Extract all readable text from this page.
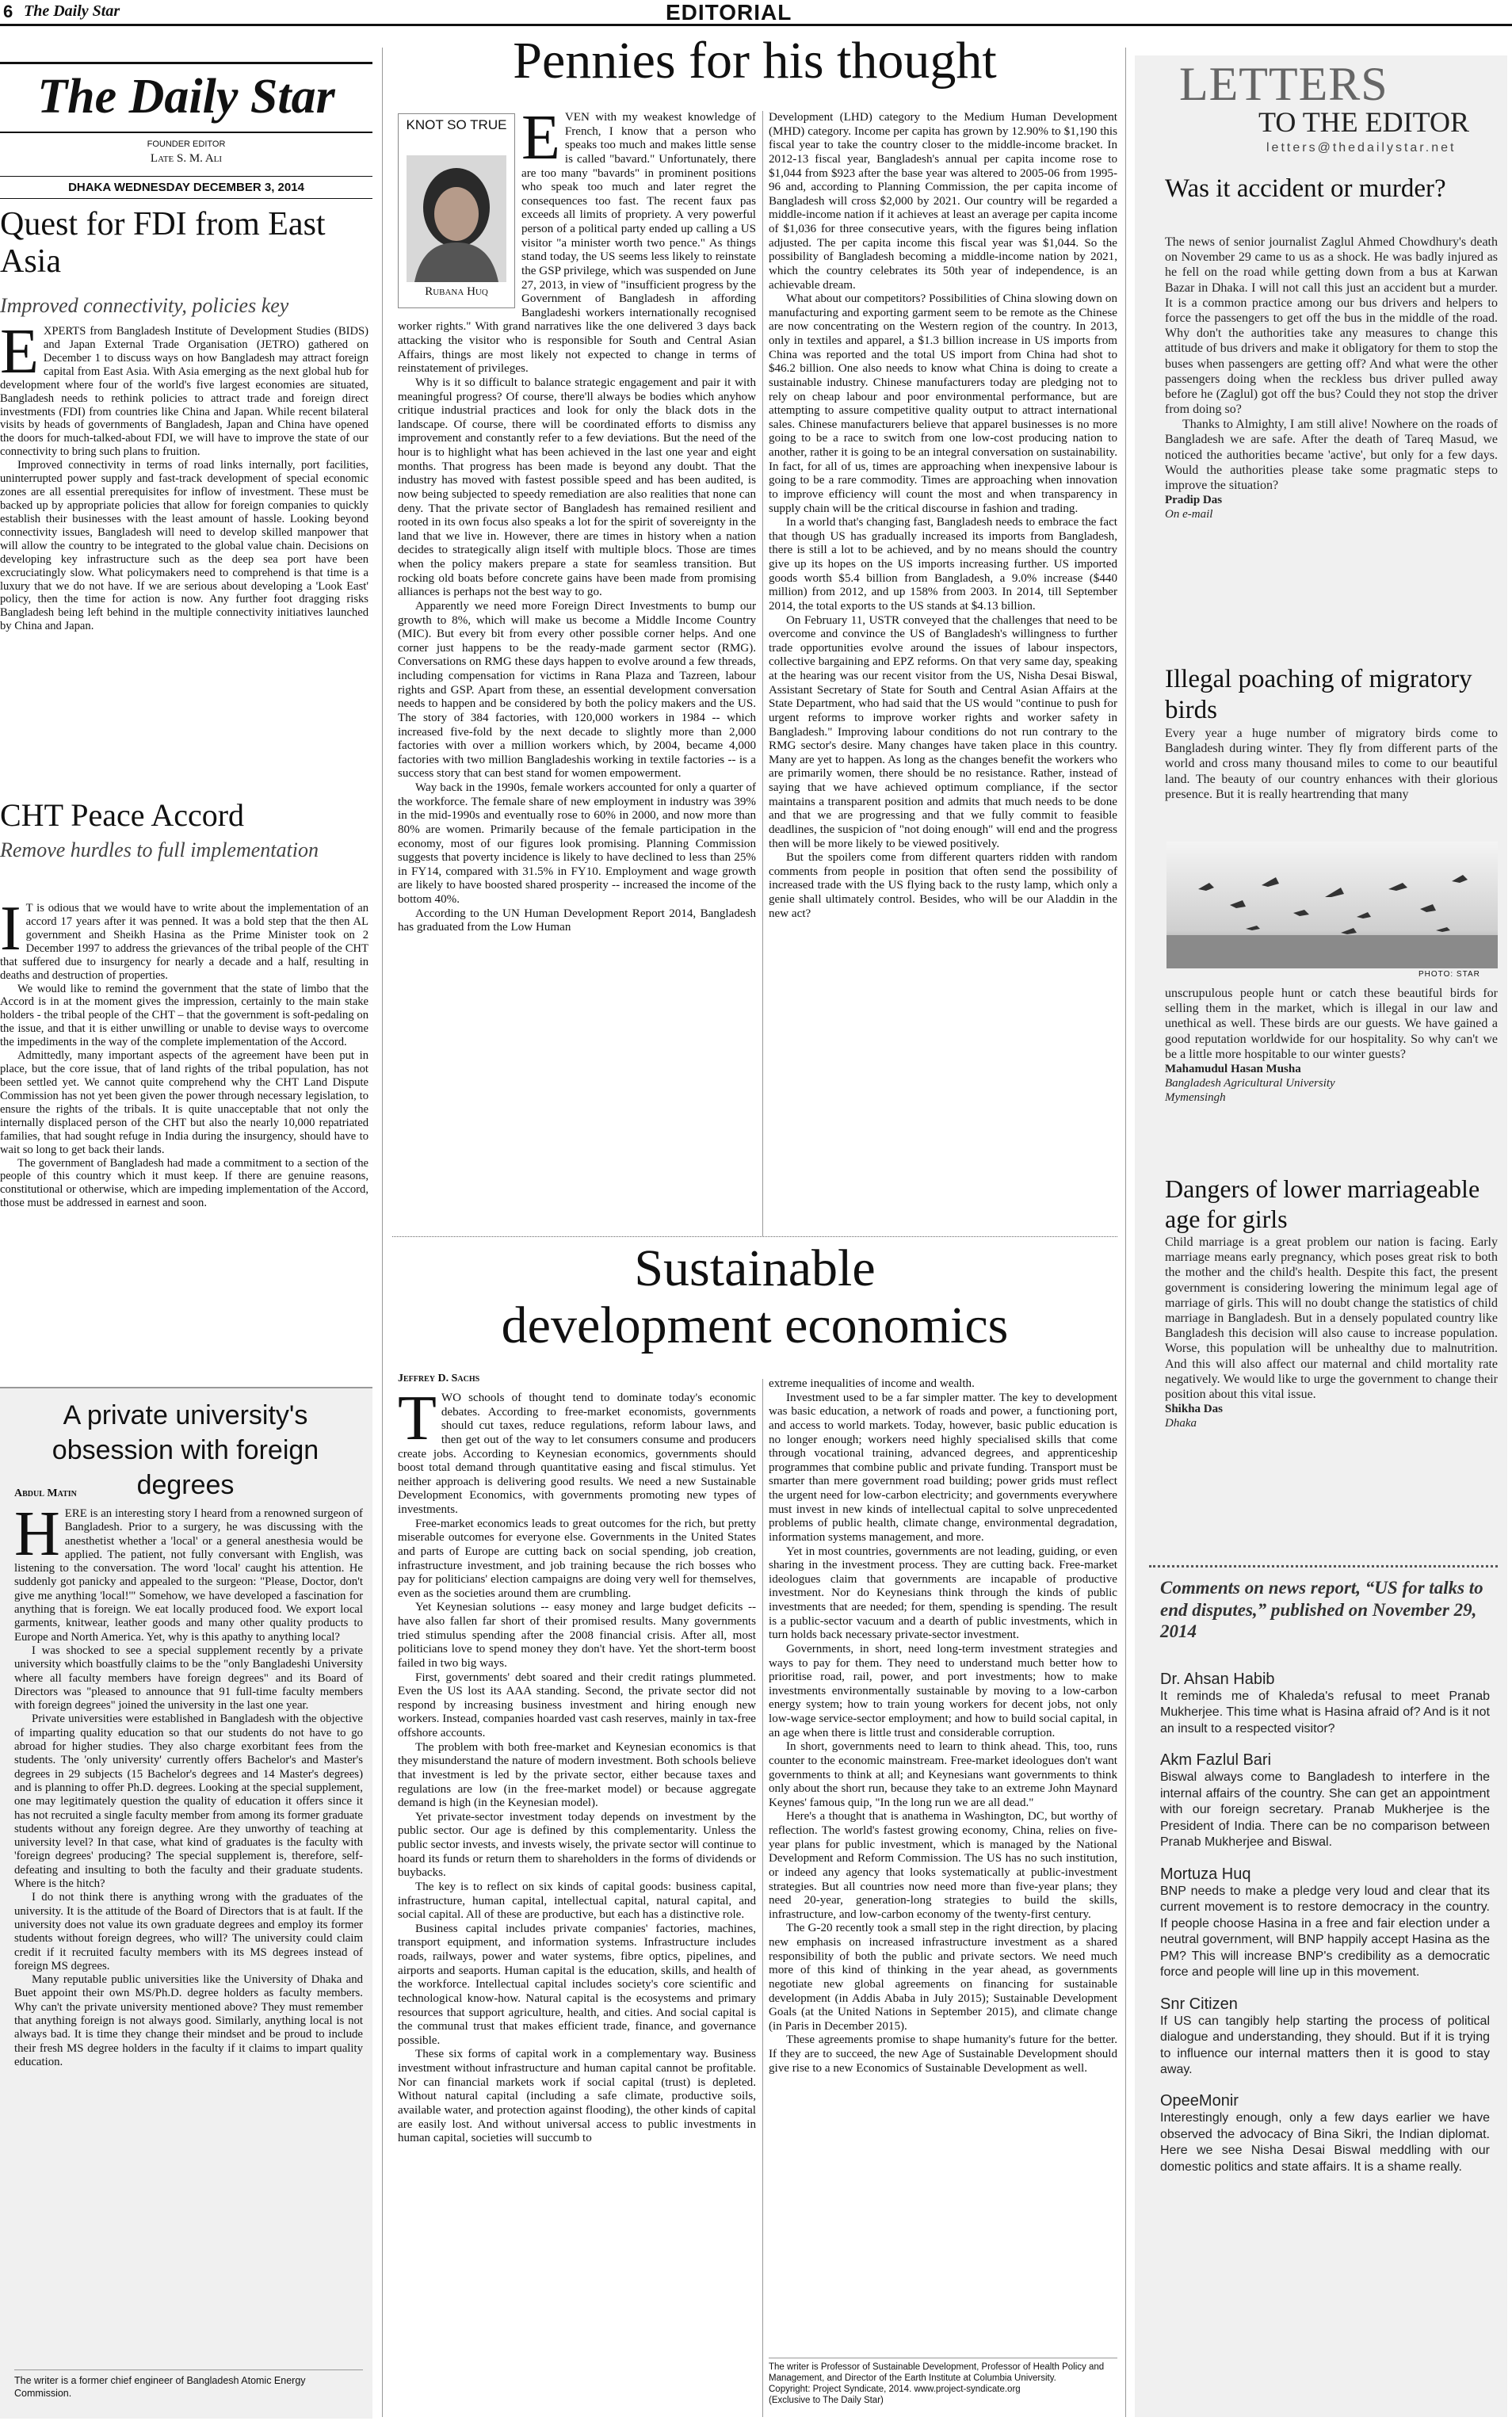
6 The Daily Star	EDITORIAL
The Daily Star
FOUNDER EDITOR
Late S. M. Ali
DHAKA WEDNESDAY DECEMBER 3, 2014
Quest for FDI from East Asia
Improved connectivity, policies key
E XPERTS from Bangladesh Institute of Development Studies (BIDS) and Japan External Trade Organisation (JETRO) gathered on December 1 to discuss ways on how Bangladesh may attract foreign capital from East Asia. With Asia emerging as the next global hub for development where four of the world's five largest economies are situated, Bangladesh needs to rethink policies to attract trade and foreign direct investments (FDI) from countries like China and Japan. While recent bilateral visits by heads of governments of Bangladesh, Japan and China have opened the doors for much-talked-about FDI, we will have to improve the state of our connectivity to bring such plans to fruition.

Improved connectivity in terms of road links internally, port facilities, uninterrupted power supply and fast-track development of special economic zones are all essential prerequisites for inflow of investment. These must be backed up by appropriate policies that allow for foreign companies to quickly establish their businesses with the least amount of hassle. Looking beyond connectivity issues, Bangladesh will need to develop skilled manpower that will allow the country to be integrated to the global value chain. Decisions on developing key infrastructure such as the deep sea port have been excruciatingly slow. What policymakers need to comprehend is that time is a luxury that we do not have. If we are serious about developing a 'Look East' policy, then the time for action is now. Any further foot dragging risks Bangladesh being left behind in the multiple connectivity initiatives launched by China and Japan.

CHT Peace Accord
Remove hurdles to full implementation
I T is odious that we would have to write about the implementation of an accord 17 years after it was penned. It was a bold step that the then AL government and Sheikh Hasina as the Prime Minister took on 2 December 1997 to address the grievances of the tribal people of the CHT that suffered due to insurgency for nearly a decade and a half, resulting in deaths and destruction of properties.

We would like to remind the government that the state of limbo that the Accord is in at the moment gives the impression, certainly to the main stake holders - the tribal people of the CHT – that the government is soft-pedaling on the issue, and that it is either unwilling or unable to devise ways to overcome the impediments in the way of the complete implementation of the Accord.

Admittedly, many important aspects of the agreement have been put in place, but the core issue, that of land rights of the tribal population, has not been settled yet. We cannot quite comprehend why the CHT Land Dispute Commission has not yet been given the power through necessary legislation, to ensure the rights of the tribals. It is quite unacceptable that not only the internally displaced person of the CHT but also the nearly 10,000 repatriated families, that had sought refuge in India during the insurgency, should have to wait so long to get back their lands.

The government of Bangladesh had made a commitment to a section of the people of this country which it must keep. If there are genuine reasons, constitutional or otherwise, which are impeding implementation of the Accord, those must be addressed in earnest and soon.

A private university's obsession with foreign degrees
Abdul Matin
H ERE is an interesting story I heard from a renowned surgeon of Bangladesh. Prior to a surgery, he was discussing with the anesthetist whether a 'local' or a general anesthesia would be applied. The patient, not fully conversant with English, was listening to the conversation. The word 'local' caught his attention. He suddenly got panicky and appealed to the surgeon: "Please, Doctor, don't give me anything 'local!'" Somehow, we have developed a fascination for anything that is foreign. We eat locally produced food. We export local garments, knitwear, leather goods and many other quality products to Europe and North America. Yet, why is this apathy to anything local?

I was shocked to see a special supplement recently by a private university which boastfully claims to be the "only Bangladeshi University where all faculty members have foreign degrees" and its Board of Directors was "pleased to announce that 91 full-time faculty members with foreign degrees" joined the university in the last one year.

Private universities were established in Bangladesh with the objective of imparting quality education so that our students do not have to go abroad for higher studies. They also charge exorbitant fees from the students. The 'only university' currently offers Bachelor's and Master's degrees in 29 subjects (15 Bachelor's degrees and 14 Master's degrees) and is planning to offer Ph.D. degrees. Looking at the special supplement, one may legitimately question the quality of education it offers since it has not recruited a single faculty member from among its former graduate students without any foreign degree. Are they unworthy of teaching at university level? In that case, what kind of graduates is the faculty with 'foreign degrees' producing? The special supplement is, therefore, self-defeating and insulting to both the faculty and their graduate students. Where is the hitch?

I do not think there is anything wrong with the graduates of the university. It is the attitude of the Board of Directors that is at fault. If the university does not value its own graduate degrees and employ its former students without foreign degrees, who will? The university could claim credit if it recruited faculty members with its MS degrees instead of foreign MS degrees.

Many reputable public universities like the University of Dhaka and Buet appoint their own MS/Ph.D. degree holders as faculty members. Why can't the private university mentioned above? They must remember that anything foreign is not always good. Similarly, anything local is not always bad. It is time they change their mindset and be proud to include their fresh MS degree holders in the faculty if it claims to impart quality education.

The writer is a former chief engineer of Bangladesh Atomic Energy Commission.
Pennies for his thought
KNOT SO TRUE
Rubana Huq
E VEN with my weakest knowledge of French, I know that a person who speaks too much and makes little sense is called "bavard." Unfortunately, there are too many "bavards" in prominent positions who speak too much and later regret the consequences too fast. The recent faux pas exceeds all limits of propriety. A very powerful person of a political party ended up calling a US visitor "a minister worth two pence." As things stand today, the US seems less likely to reinstate the GSP privilege, which was suspended on June 27, 2013, in view of "insufficient progress by the Government of Bangladesh in affording Bangladeshi workers internationally recognised worker rights." With grand narratives like the one delivered 3 days back attacking the visitor who is responsible for South and Central Asian Affairs, things are most likely not expected to change in terms of reinstatement of privileges.

Why is it so difficult to balance strategic engagement and pair it with meaningful progress? Of course, there'll always be bodies which anyhow critique industrial practices and look for only the black dots in the landscape. Of course, there will be coordinated efforts to dismiss any improvement and constantly refer to a few deviations. But the need of the hour is to highlight what has been achieved in the last one year and eight months. That progress has been made is beyond any doubt. That the industry has moved with fastest possible speed and has been audited, is now being subjected to speedy remediation are also realities that none can deny. That the private sector of Bangladesh has remained resilient and rooted in its own focus also speaks a lot for the spirit of sovereignty in the land that we live in. However, there are times in history when a nation decides to strategically align itself with multiple blocs. Those are times when the policy makers prepare a state for seamless transition. But rocking old boats before concrete gains have been made from promising alliances is perhaps not the best way to go.

Apparently we need more Foreign Direct Investments to bump our growth to 8%, which will make us become a Middle Income Country (MIC). But every bit from every other possible corner helps. And one corner just happens to be the ready-made garment sector (RMG). Conversations on RMG these days happen to evolve around a few threads, including compensation for victims in Rana Plaza and Tazreen, labour rights and GSP. Apart from these, an essential development conversation needs to happen and be considered by both the policy makers and the US. The story of 384 factories, with 120,000 workers in 1984 -- which increased five-fold by the next decade to slightly more than 2,000 factories with over a million workers which, by 2004, became 4,000 factories with two million Bangladeshis working in textile factories -- is a success story that can best stand for women empowerment.

Way back in the 1990s, female workers accounted for only a quarter of the workforce. The female share of new employment in industry was 39% in the mid-1990s and eventually rose to 60% in 2000, and now more than 80% are women. Primarily because of the female participation in the economy, most of our figures look promising. Planning Commission suggests that poverty incidence is likely to have declined to less than 25% in FY14, compared with 31.5% in FY10. Employment and wage growth are likely to have boosted shared prosperity -- increased the income of the bottom 40%.

According to the UN Human Development Report 2014, Bangladesh has graduated from the Low Human

Development (LHD) category to the Medium Human Development (MHD) category. Income per capita has grown by 12.90% to $1,190 this fiscal year to take the country closer to the middle-income bracket. In 2012-13 fiscal year, Bangladesh's annual per capita income rose to $1,044 from $923 after the base year was altered to 2005-06 from 1995-96 and, according to Planning Commission, the per capita income of Bangladesh will cross $2,000 by 2021. Our country will be regarded a middle-income nation if it achieves at least an average per capita income of $1,036 for three consecutive years, with the figures being inflation adjusted. The per capita income this fiscal year was $1,044. So the possibility of Bangladesh becoming a middle-income nation by 2021, which the country celebrates its 50th year of independence, is an achievable dream.

What about our competitors? Possibilities of China slowing down on manufacturing and exporting garment seem to be remote as the Chinese are now concentrating on the Western region of the country. In 2013, only in textiles and apparel, a $1.3 billion increase in US imports from China was reported and the total US import from China had shot to $46.2 billion. One also needs to know what China is doing to create a sustainable industry. Chinese manufacturers today are pledging not to rely on cheap labour and poor environmental performance, but are attempting to assure competitive quality output to attract international sales. Chinese manufacturers believe that apparel businesses is no more going to be a race to switch from one low-cost producing nation to another, rather it is going to be an integral conversation on sustainability. In fact, for all of us, times are approaching when inexpensive labour is going to be a rare commodity. Times are approaching when innovation to improve efficiency will count the most and when transparency in supply chain will be the critical discourse in fashion and trading.

In a world that's changing fast, Bangladesh needs to embrace the fact that though US has gradually increased its imports from Bangladesh, there is still a lot to be achieved, and by no means should the country give up its hopes on the US imports increasing further. US imported goods worth $5.4 billion from Bangladesh, a 9.0% increase ($440 million) from 2012, and up 158% from 2003. In 2014, till September 2014, the total exports to the US stands at $4.13 billion.

On February 11, USTR conveyed that the challenges that need to be overcome and convince the US of Bangladesh's willingness to further trade opportunities evolve around the issues of labour inspectors, collective bargaining and EPZ reforms. On that very same day, speaking at the hearing was our recent visitor from the US, Nisha Desai Biswal, Assistant Secretary of State for South and Central Asian Affairs at the State Department, who had said that the US would "continue to push for urgent reforms to improve worker rights and worker safety in Bangladesh." Improving labour conditions do not run contrary to the RMG sector's desire. Many changes have taken place in this country. Many are yet to happen. As long as the changes benefit the workers who are primarily women, there should be no resistance. Rather, instead of saying that we have achieved optimum compliance, if the sector maintains a transparent position and admits that much needs to be done and that we are progressing and that we fully commit to feasible deadlines, the suspicion of "not doing enough" will end and the progress then will be more likely to be viewed positively.

But the spoilers come from different quarters ridden with random comments from people in position that often send the possibility of increased trade with the US flying back to the rusty lamp, which only a genie shall ultimately control. Besides, who will be our Aladdin in the new act?

Sustainable
development economics
Jeffrey D. Sachs
T WO schools of thought tend to dominate today's economic debates. According to free-market economists, governments should cut taxes, reduce regulations, reform labour laws, and then get out of the way to let consumers consume and producers create jobs. According to Keynesian economics, governments should boost total demand through quantitative easing and fiscal stimulus. Yet neither approach is delivering good results. We need a new Sustainable Development Economics, with governments promoting new types of investments.

Free-market economics leads to great outcomes for the rich, but pretty miserable outcomes for everyone else. Governments in the United States and parts of Europe are cutting back on social spending, job creation, infrastructure investment, and job training because the rich bosses who pay for politicians' election campaigns are doing very well for themselves, even as the societies around them are crumbling.

Yet Keynesian solutions -- easy money and large budget deficits -- have also fallen far short of their promised results. Many governments tried stimulus spending after the 2008 financial crisis. After all, most politicians love to spend money they don't have. Yet the short-term boost failed in two big ways.

First, governments' debt soared and their credit ratings plummeted. Even the US lost its AAA standing. Second, the private sector did not respond by increasing business investment and hiring enough new workers. Instead, companies hoarded vast cash reserves, mainly in tax-free offshore accounts.

The problem with both free-market and Keynesian economics is that they misunderstand the nature of modern investment. Both schools believe that investment is led by the private sector, either because taxes and regulations are low (in the free-market model) or because aggregate demand is high (in the Keynesian model).

Yet private-sector investment today depends on investment by the public sector. Our age is defined by this complementarity. Unless the public sector invests, and invests wisely, the private sector will continue to hoard its funds or return them to shareholders in the forms of dividends or buybacks.

The key is to reflect on six kinds of capital goods: business capital, infrastructure, human capital, intellectual capital, natural capital, and social capital. All of these are productive, but each has a distinctive role.

Business capital includes private companies' factories, machines, transport equipment, and information systems. Infrastructure includes roads, railways, power and water systems, fibre optics, pipelines, and airports and seaports. Human capital is the education, skills, and health of the workforce. Intellectual capital includes society's core scientific and technological know-how. Natural capital is the ecosystems and primary resources that support agriculture, health, and cities. And social capital is the communal trust that makes efficient trade, finance, and governance possible.

These six forms of capital work in a complementary way. Business investment without infrastructure and human capital cannot be profitable. Nor can financial markets work if social capital (trust) is depleted. Without natural capital (including a safe climate, productive soils, available water, and protection against flooding), the other kinds of capital are easily lost. And without universal access to public investments in human capital, societies will succumb to

extreme inequalities of income and wealth.

Investment used to be a far simpler matter. The key to development was basic education, a network of roads and power, a functioning port, and access to world markets. Today, however, basic public education is no longer enough; workers need highly specialised skills that come through vocational training, advanced degrees, and apprenticeship programmes that combine public and private funding. Transport must be smarter than mere government road building; power grids must reflect the urgent need for low-carbon electricity; and governments everywhere must invest in new kinds of intellectual capital to solve unprecedented problems of public health, climate change, environmental degradation, information systems management, and more.

Yet in most countries, governments are not leading, guiding, or even sharing in the investment process. They are cutting back. Free-market ideologues claim that governments are incapable of productive investment. Nor do Keynesians think through the kinds of public investments that are needed; for them, spending is spending. The result is a public-sector vacuum and a dearth of public investments, which in turn holds back necessary private-sector investment.

Governments, in short, need long-term investment strategies and ways to pay for them. They need to understand much better how to prioritise road, rail, power, and port investments; how to make investments environmentally sustainable by moving to a low-carbon energy system; how to train young workers for decent jobs, not only low-wage service-sector employment; and how to build social capital, in an age when there is little trust and considerable corruption.

In short, governments need to learn to think ahead. This, too, runs counter to the economic mainstream. Free-market ideologues don't want governments to think at all; and Keynesians want governments to think only about the short run, because they take to an extreme John Maynard Keynes' famous quip, "In the long run we are all dead."

Here's a thought that is anathema in Washington, DC, but worthy of reflection. The world's fastest growing economy, China, relies on five-year plans for public investment, which is managed by the National Development and Reform Commission. The US has no such institution, or indeed any agency that looks systematically at public-investment strategies. But all countries now need more than five-year plans; they need 20-year, generation-long strategies to build the skills, infrastructure, and low-carbon economy of the twenty-first century.

The G-20 recently took a small step in the right direction, by placing new emphasis on increased infrastructure investment as a shared responsibility of both the public and private sectors. We need much more of this kind of thinking in the year ahead, as governments negotiate new global agreements on financing for sustainable development (in Addis Ababa in July 2015); Sustainable Development Goals (at the United Nations in September 2015), and climate change (in Paris in December 2015).

These agreements promise to shape humanity's future for the better. If they are to succeed, the new Age of Sustainable Development should give rise to a new Economics of Sustainable Development as well.

The writer is Professor of Sustainable Development, Professor of Health Policy and Management, and Director of the Earth Institute at Columbia University.
Copyright: Project Syndicate, 2014. www.project-syndicate.org
(Exclusive to The Daily Star)
LETTERS
TO THE EDITOR
letters@thedailystar.net
Was it accident or murder?

The news of senior journalist Zaglul Ahmed Chowdhury's death on November 29 came to us as a shock. He was badly injured as he fell on the road while getting down from a bus at Karwan Bazar in Dhaka. I will not call this just an accident but a murder. It is a common practice among our bus drivers and helpers to force the passengers to get off the bus in the middle of the road. Why don't the authorities take any measures to change this attitude of bus drivers and make it obligatory for them to stop the buses when passengers are getting off? And what were the other passengers doing when the reckless bus driver pulled away before he (Zaglul) got off the bus? Could they not stop the driver from doing so?

Thanks to Almighty, I am still alive! Nowhere on the roads of Bangladesh we are safe. After the death of Tareq Masud, we noticed the authorities became 'active', but only for a few days. Would the authorities please take some pragmatic steps to improve the situation?

Pradip Das
On e-mail
Illegal poaching of migratory birds
Every year a huge number of migratory birds come to Bangladesh during winter. They fly from different parts of the world and cross many thousand miles to come to our beautiful land. The beauty of our country enhances with their glorious presence. But it is really heartrending that many
PHOTO: STAR

unscrupulous people hunt or catch these beautiful birds for selling them in the market, which is illegal in our law and unethical as well. These birds are our guests. We have gained a good reputation worldwide for our hospitality. So why can't we be a little more hospitable to our winter guests?

Mahamudul Hasan Musha
Bangladesh Agricultural University
Mymensingh
Dangers of lower marriageable age for girls

Child marriage is a great problem our nation is facing. Early marriage means early pregnancy, which poses great risk to both the mother and the child's health. Despite this fact, the present government is considering lowering the minimum legal age of marriage of girls. This will no doubt change the statistics of child marriage in Bangladesh. But in a densely populated country like Bangladesh this decision will also cause to increase population. Worse, this population will be unhealthy due to malnutrition. And this will also affect our maternal and child mortality rate negatively. We would like to urge the government to change their position about this vital issue.

Shikha Das
Dhaka
Comments on news report, “US for talks to end disputes,” published on November 29, 2014
Dr. Ahsan Habib
It reminds me of Khaleda's refusal to meet Pranab Mukherjee. This time what is Hasina afraid of? And is it not an insult to a respected visitor?
Akm Fazlul Bari
Biswal always come to Bangladesh to interfere in the internal affairs of the country. She can get an appointment with our foreign secretary. Pranab Mukherjee is the President of India. There can be no comparison between Pranab Mukherjee and Biswal.
Mortuza Huq
BNP needs to make a pledge very loud and clear that its current movement is to restore democracy in the country. If people choose Hasina in a free and fair election under a neutral government, will BNP happily accept Hasina as the PM? This will increase BNP's credibility as a democratic force and people will line up in this movement.
Snr Citizen
If US can tangibly help starting the process of political dialogue and understanding, they should. But if it is trying to influence our internal matters then it is good to stay away.
OpeeMonir
Interestingly enough, only a few days earlier we have observed the advocacy of Bina Sikri, the Indian diplomat. Here we see Nisha Desai Biswal meddling with our domestic politics and state affairs. It is a shame really.
